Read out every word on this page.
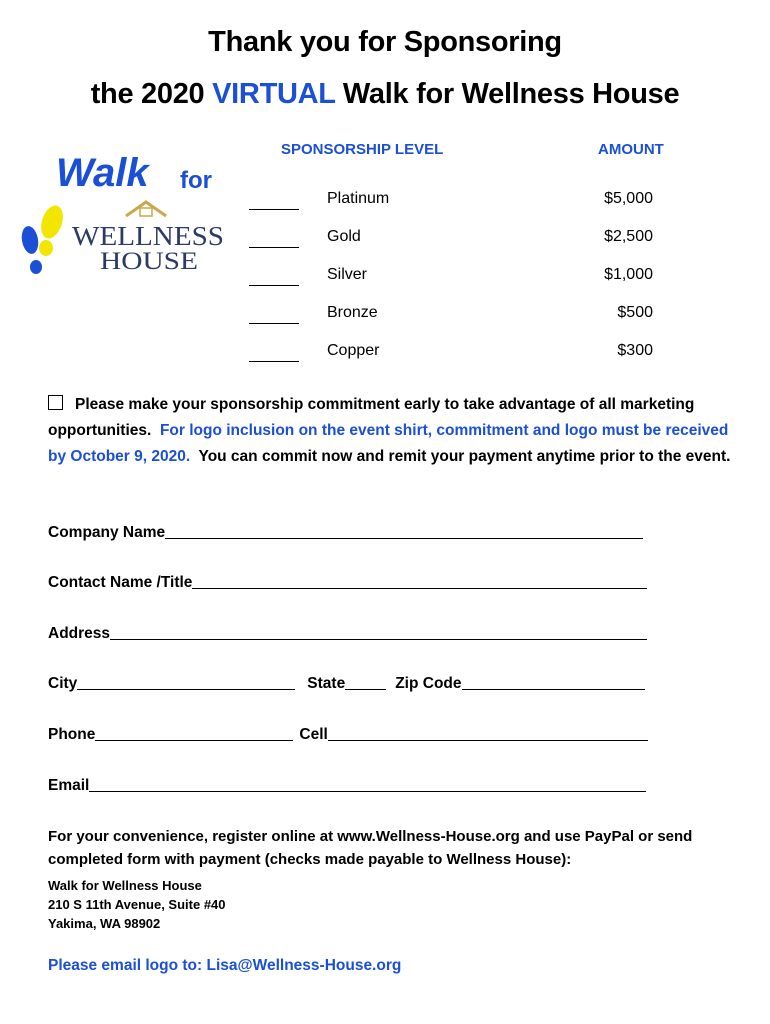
Thank you for Sponsoring
the 2020 VIRTUAL Walk for Wellness House
Walk for
WELLNESS
HOUSE
SPONSORSHIP LEVEL	AMOUNT
Platinum	$5,000
Gold	$2,500
Silver	$1,000
Bronze	$500
Copper	$300
Please make your sponsorship commitment early to take advantage of all marketing opportunities. For logo inclusion on the event shirt, commitment and logo must be received by October 9, 2020. You can commit now and remit your payment anytime prior to the event.
Company Name
Contact Name /Title
Address
City	State	Zip Code
Phone	Cell
Email
For your convenience, register online at www.Wellness-House.org and use PayPal or send completed form with payment (checks made payable to Wellness House):
Walk for Wellness House
210 S 11th Avenue, Suite #40
Yakima, WA 98902
Please email logo to: Lisa@Wellness-House.org
